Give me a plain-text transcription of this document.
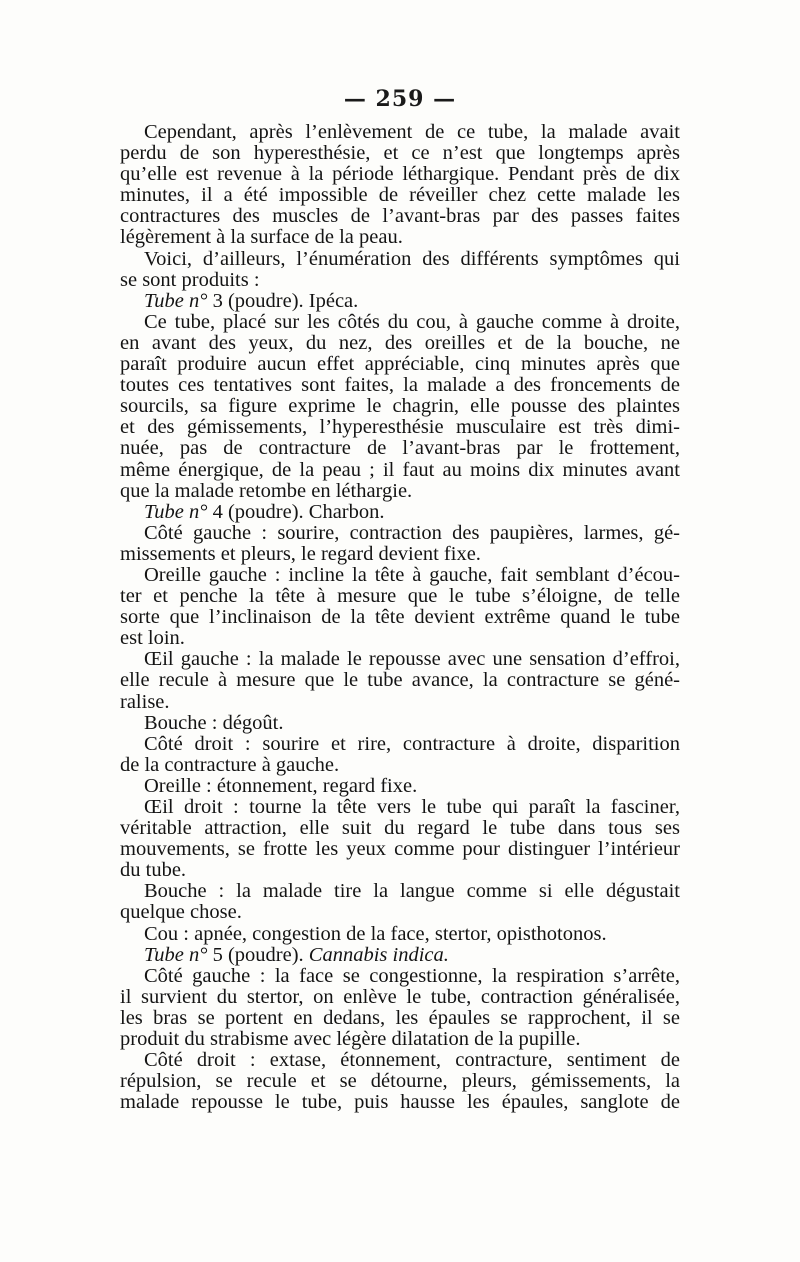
— 259 —
Cependant, après l’enlèvement de ce tube, la malade avait
perdu de son hyperesthésie, et ce n’est que longtemps après
qu’elle est revenue à la période léthargique. Pendant près de dix
minutes, il a été impossible de réveiller chez cette malade les
contractures des muscles de l’avant-bras par des passes faites
légèrement à la surface de la peau.
Voici, d’ailleurs, l’énumération des différents symptômes qui
se sont produits :
Tube n° 3 (poudre). Ipéca.
Ce tube, placé sur les côtés du cou, à gauche comme à droite,
en avant des yeux, du nez, des oreilles et de la bouche, ne
paraît produire aucun effet appréciable, cinq minutes après que
toutes ces tentatives sont faites, la malade a des froncements de
sourcils, sa figure exprime le chagrin, elle pousse des plaintes
et des gémissements, l’hyperesthésie musculaire est très dimi-
nuée, pas de contracture de l’avant-bras par le frottement,
même énergique, de la peau ; il faut au moins dix minutes avant
que la malade retombe en léthargie.
Tube n° 4 (poudre). Charbon.
Côté gauche : sourire, contraction des paupières, larmes, gé-
missements et pleurs, le regard devient fixe.
Oreille gauche : incline la tête à gauche, fait semblant d’écou-
ter et penche la tête à mesure que le tube s’éloigne, de telle
sorte que l’inclinaison de la tête devient extrême quand le tube
est loin.
Œil gauche : la malade le repousse avec une sensation d’effroi,
elle recule à mesure que le tube avance, la contracture se géné-
ralise.
Bouche : dégoût.
Côté droit : sourire et rire, contracture à droite, disparition
de la contracture à gauche.
Oreille : étonnement, regard fixe.
Œil droit : tourne la tête vers le tube qui paraît la fasciner,
véritable attraction, elle suit du regard le tube dans tous ses
mouvements, se frotte les yeux comme pour distinguer l’intérieur
du tube.
Bouche : la malade tire la langue comme si elle dégustait
quelque chose.
Cou : apnée, congestion de la face, stertor, opisthotonos.
Tube n° 5 (poudre). Cannabis indica.
Côté gauche : la face se congestionne, la respiration s’arrête,
il survient du stertor, on enlève le tube, contraction généralisée,
les bras se portent en dedans, les épaules se rapprochent, il se
produit du strabisme avec légère dilatation de la pupille.
Côté droit : extase, étonnement, contracture, sentiment de
répulsion, se recule et se détourne, pleurs, gémissements, la
malade repousse le tube, puis hausse les épaules, sanglote de
